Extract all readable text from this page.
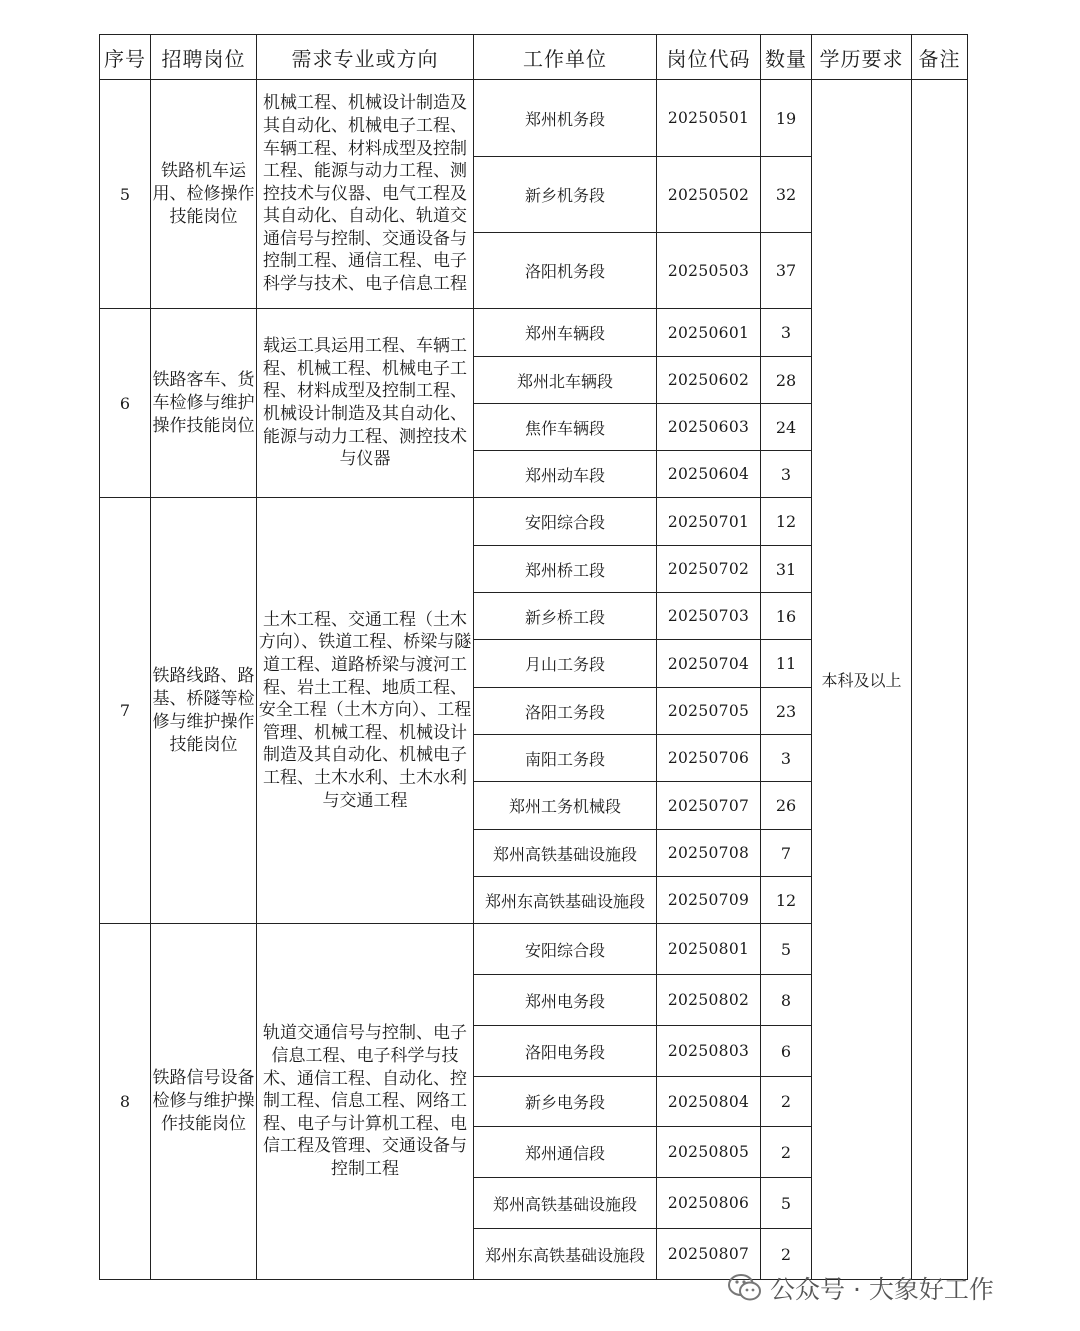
序号	招聘岗位	需求专业或方向	工作单位	岗位代码	数量	学历要求	备注
5	铁路机车运用、检修操作技能岗位	机械工程、机械设计制造及其自动化、机械电子工程、车辆工程、材料成型及控制工程、能源与动力工程、测控技术与仪器、电气工程及其自动化、自动化、轨道交通信号与控制、交通设备与控制工程、通信工程、电子科学与技术、电子信息工程	郑州机务段	20250501	19	本科及以上	
			新乡机务段	20250502	32		
			洛阳机务段	20250503	37		
6	铁路客车、货车检修与维护操作技能岗位	载运工具运用工程、车辆工程、机械工程、机械电子工程、材料成型及控制工程、机械设计制造及其自动化、能源与动力工程、测控技术与仪器	郑州车辆段	20250601	3		
			郑州北车辆段	20250602	28		
			焦作车辆段	20250603	24		
			郑州动车段	20250604	3		
7	铁路线路、路基、桥隧等检修与维护操作技能岗位	土木工程、交通工程（土木方向）、铁道工程、桥梁与隧道工程、道路桥梁与渡河工程、岩土工程、地质工程、安全工程（土木方向）、工程管理、机械工程、机械设计制造及其自动化、机械电子工程、土木水利、土木水利与交通工程	安阳综合段	20250701	12		
			郑州桥工段	20250702	31		
			新乡桥工段	20250703	16		
			月山工务段	20250704	11		
			洛阳工务段	20250705	23		
			南阳工务段	20250706	3		
			郑州工务机械段	20250707	26		
			郑州高铁基础设施段	20250708	7		
			郑州东高铁基础设施段	20250709	12		
8	铁路信号设备检修与维护操作技能岗位	轨道交通信号与控制、电子信息工程、电子科学与技术、通信工程、自动化、控制工程、信息工程、网络工程、电子与计算机工程、电信工程及管理、交通设备与控制工程	安阳综合段	20250801	5		
			郑州电务段	20250802	8		
			洛阳电务段	20250803	6		
			新乡电务段	20250804	2		
			郑州通信段	20250805	2		
			郑州高铁基础设施段	20250806	5		
			郑州东高铁基础设施段	20250807	2		
公众号 · 大象好工作
